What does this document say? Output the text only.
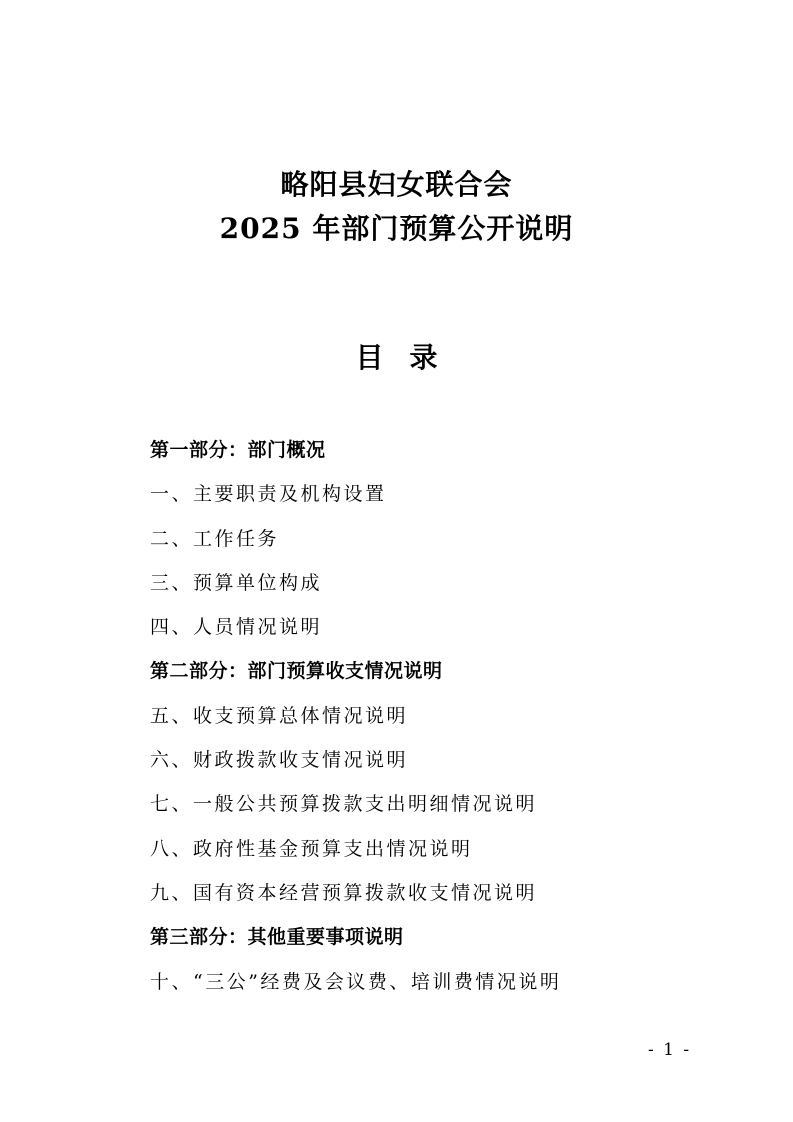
略阳县妇女联合会
2025 年部门预算公开说明
目录
第一部分：部门概况
一、主要职责及机构设置
二、工作任务
三、预算单位构成
四、人员情况说明
第二部分：部门预算收支情况说明
五、收支预算总体情况说明
六、财政拨款收支情况说明
七、一般公共预算拨款支出明细情况说明
八、政府性基金预算支出情况说明
九、国有资本经营预算拨款收支情况说明
第三部分：其他重要事项说明
十、“三公”经费及会议费、培训费情况说明
- 1 -
